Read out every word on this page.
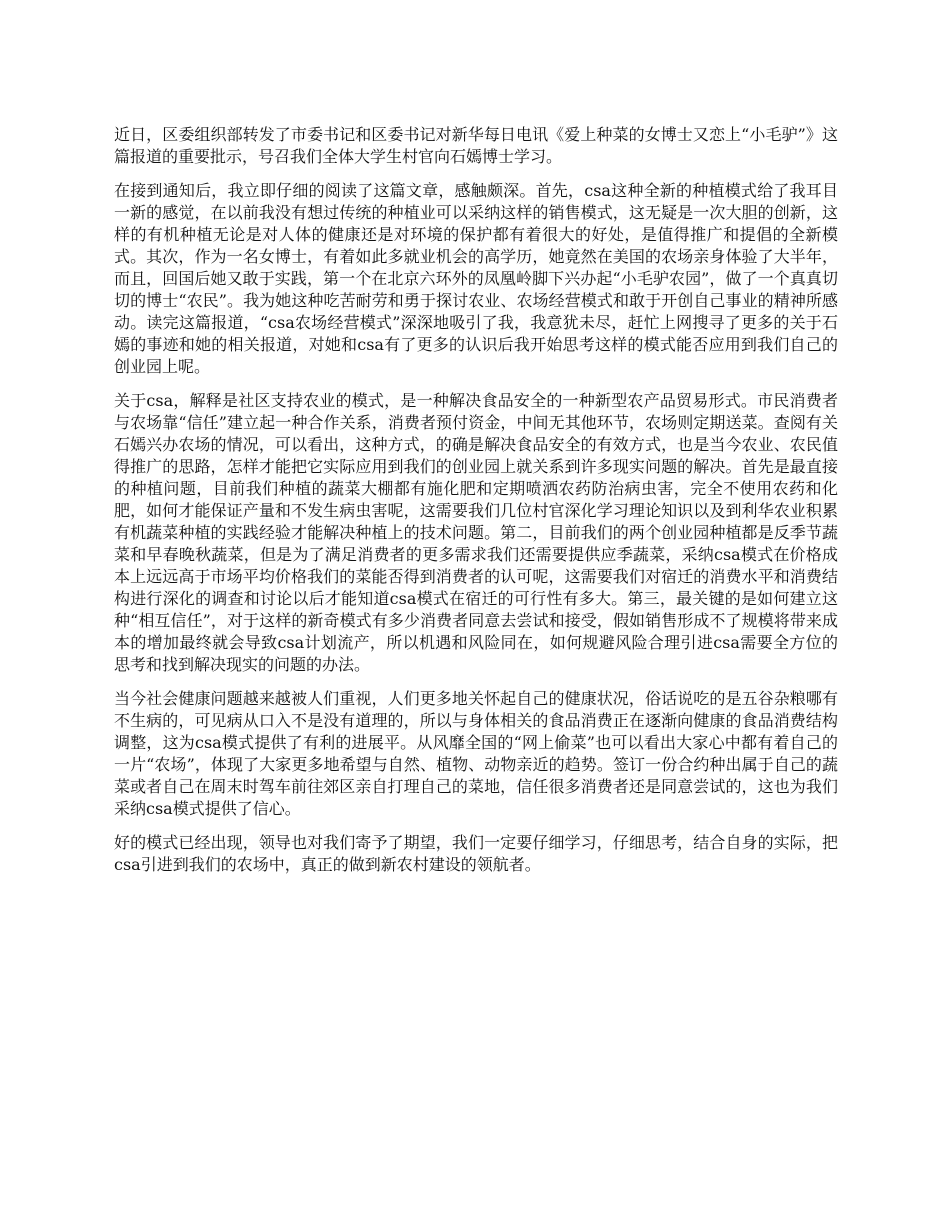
近日，区委组织部转发了市委书记和区委书记对新华每日电讯《爱上种菜的女博士又恋上“小毛驴”》这篇报道的重要批示，号召我们全体大学生村官向石嫣博士学习。

在接到通知后，我立即仔细的阅读了这篇文章，感触颇深。首先，csa这种全新的种植模式给了我耳目一新的感觉，在以前我没有想过传统的种植业可以采纳这样的销售模式，这无疑是一次大胆的创新，这样的有机种植无论是对人体的健康还是对环境的保护都有着很大的好处，是值得推广和提倡的全新模式。其次，作为一名女博士，有着如此多就业机会的高学历，她竟然在美国的农场亲身体验了大半年，而且，回国后她又敢于实践，第一个在北京六环外的凤凰岭脚下兴办起“小毛驴农园”，做了一个真真切切的博士“农民”。我为她这种吃苦耐劳和勇于探讨农业、农场经营模式和敢于开创自己事业的精神所感动。读完这篇报道，“csa农场经营模式”深深地吸引了我，我意犹未尽，赶忙上网搜寻了更多的关于石嫣的事迹和她的相关报道，对她和csa有了更多的认识后我开始思考这样的模式能否应用到我们自己的创业园上呢。

关于csa，解释是社区支持农业的模式，是一种解决食品安全的一种新型农产品贸易形式。市民消费者与农场靠“信任”建立起一种合作关系，消费者预付资金，中间无其他环节，农场则定期送菜。查阅有关石嫣兴办农场的情况，可以看出，这种方式，的确是解决食品安全的有效方式，也是当今农业、农民值得推广的思路，怎样才能把它实际应用到我们的创业园上就关系到许多现实问题的解决。首先是最直接的种植问题，目前我们种植的蔬菜大棚都有施化肥和定期喷洒农药防治病虫害，完全不使用农药和化肥，如何才能保证产量和不发生病虫害呢，这需要我们几位村官深化学习理论知识以及到利华农业积累有机蔬菜种植的实践经验才能解决种植上的技术问题。第二，目前我们的两个创业园种植都是反季节蔬菜和早春晚秋蔬菜，但是为了满足消费者的更多需求我们还需要提供应季蔬菜，采纳csa模式在价格成本上远远高于市场平均价格我们的菜能否得到消费者的认可呢，这需要我们对宿迁的消费水平和消费结构进行深化的调查和讨论以后才能知道csa模式在宿迁的可行性有多大。第三，最关键的是如何建立这种“相互信任”，对于这样的新奇模式有多少消费者同意去尝试和接受，假如销售形成不了规模将带来成本的增加最终就会导致csa计划流产，所以机遇和风险同在，如何规避风险合理引进csa需要全方位的思考和找到解决现实的问题的办法。

当今社会健康问题越来越被人们重视，人们更多地关怀起自己的健康状况，俗话说吃的是五谷杂粮哪有不生病的，可见病从口入不是没有道理的，所以与身体相关的食品消费正在逐渐向健康的食品消费结构调整，这为csa模式提供了有利的进展平。从风靡全国的“网上偷菜”也可以看出大家心中都有着自己的一片“农场”，体现了大家更多地希望与自然、植物、动物亲近的趋势。签订一份合约种出属于自己的蔬菜或者自己在周末时驾车前往郊区亲自打理自己的菜地，信任很多消费者还是同意尝试的，这也为我们采纳csa模式提供了信心。

好的模式已经出现，领导也对我们寄予了期望，我们一定要仔细学习，仔细思考，结合自身的实际，把csa引进到我们的农场中，真正的做到新农村建设的领航者。
